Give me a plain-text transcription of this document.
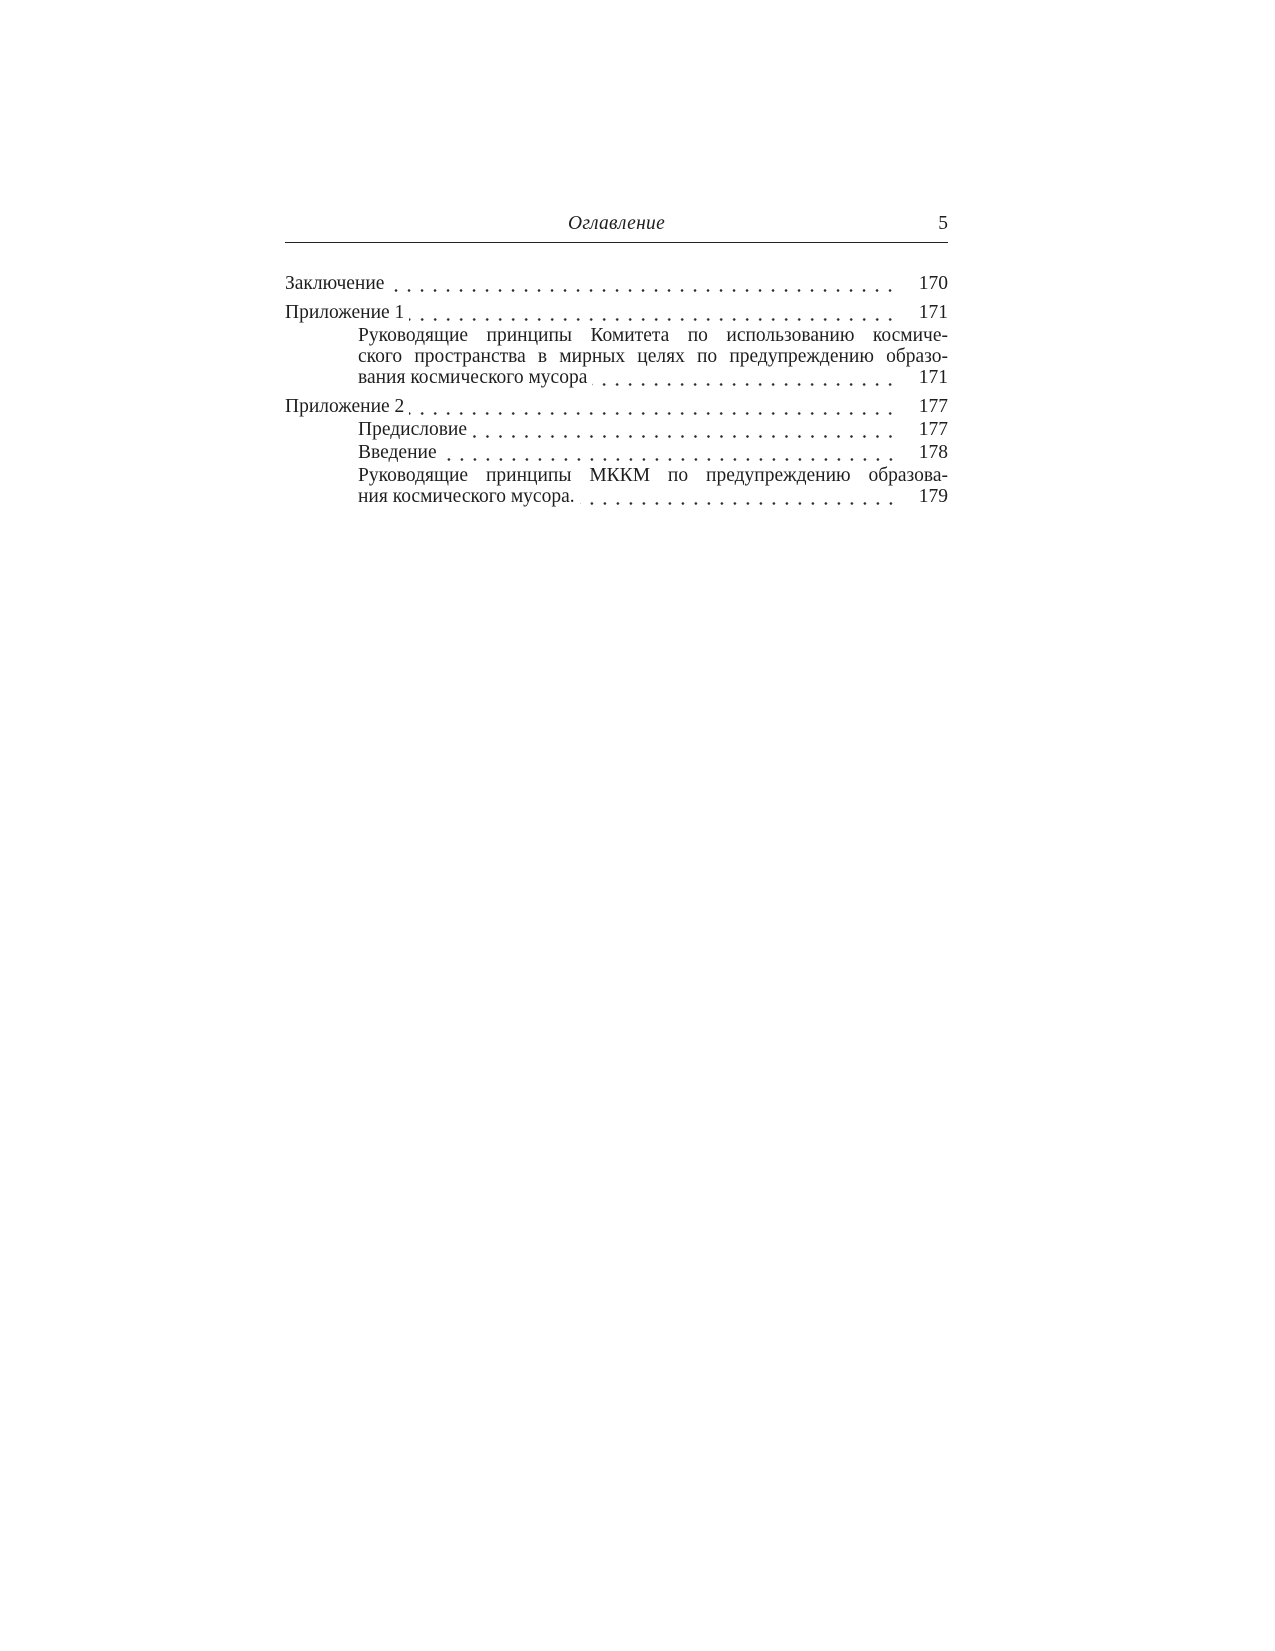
Оглавление	5
Заключение	170
Приложение 1	171
Руководящие принципы Комитета по использованию космиче-
ского пространства в мирных целях по предупреждению образо-
вания космического мусора	171
Приложение 2	177
Предисловие	177
Введение	178
Руководящие принципы МККМ по предупреждению образова-
ния космического мусора.	179
